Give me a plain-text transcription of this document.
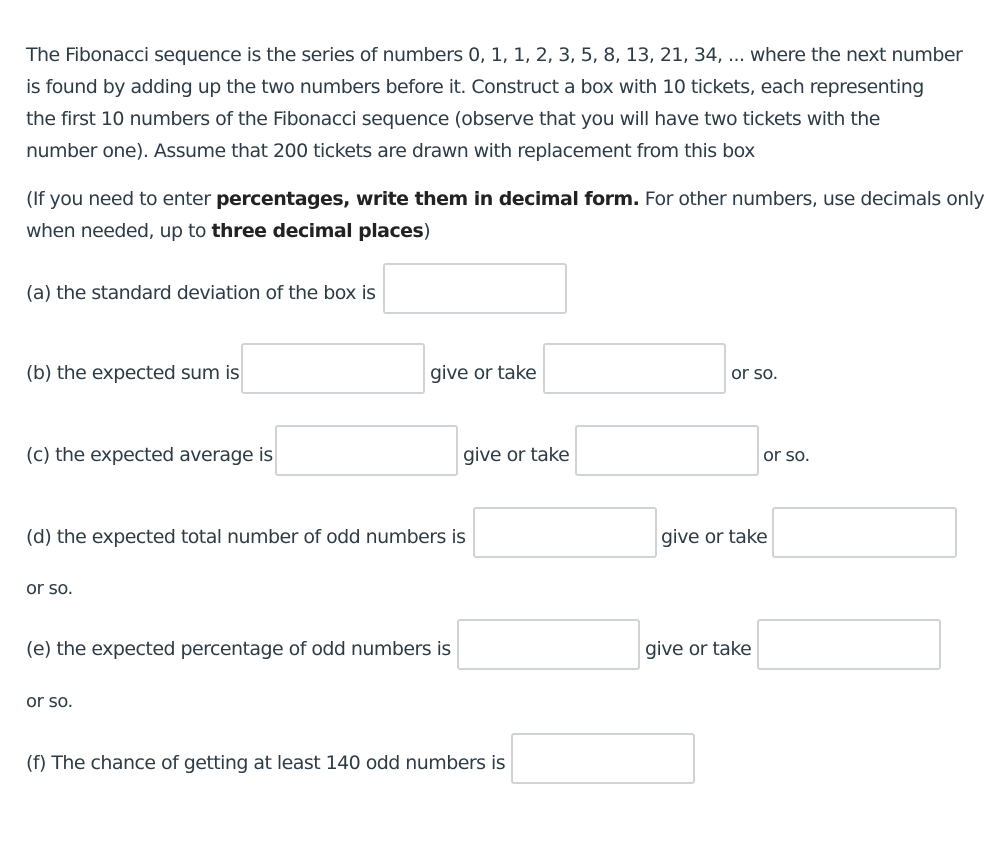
The Fibonacci sequence is the series of numbers 0, 1, 1, 2, 3, 5, 8, 13, 21, 34, ... where the next number

is found by adding up the two numbers before it. Construct a box with 10 tickets, each representing

the first 10 numbers of the Fibonacci sequence (observe that you will have two tickets with the

number one). Assume that 200 tickets are drawn with replacement from this box

(If you need to enter percentages, write them in decimal form. For other numbers, use decimals only

when needed, up to three decimal places)

(a) the standard deviation of the box is
(b) the expected sum is	give or take	or so.
(c) the expected average is	give or take	or so.
(d) the expected total number of odd numbers is	give or take
or so.
(e) the expected percentage of odd numbers is	give or take
or so.
(f) The chance of getting at least 140 odd numbers is
